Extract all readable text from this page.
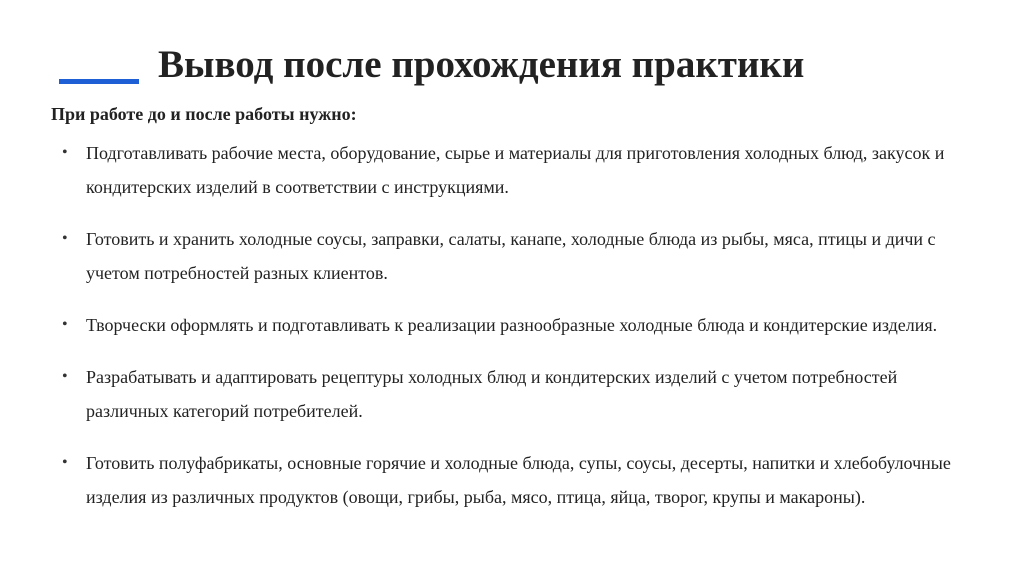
Вывод после прохождения практики
При работе до и после работы нужно:
• Подготавливать рабочие места, оборудование, сырье и материалы для приготовления холодных блюд, закусок и кондитерских изделий в соответствии с инструкциями.
• Готовить и хранить холодные соусы, заправки, салаты, канапе, холодные блюда из рыбы, мяса, птицы и дичи с учетом потребностей разных клиентов.
• Творчески оформлять и подготавливать к реализации разнообразные холодные блюда и кондитерские изделия.
• Разрабатывать и адаптировать рецептуры холодных блюд и кондитерских изделий с учетом потребностей различных категорий потребителей.
• Готовить полуфабрикаты, основные горячие и холодные блюда, супы, соусы, десерты, напитки и хлебобулочные изделия из различных продуктов (овощи, грибы, рыба, мясо, птица, яйца, творог, крупы и макароны).
